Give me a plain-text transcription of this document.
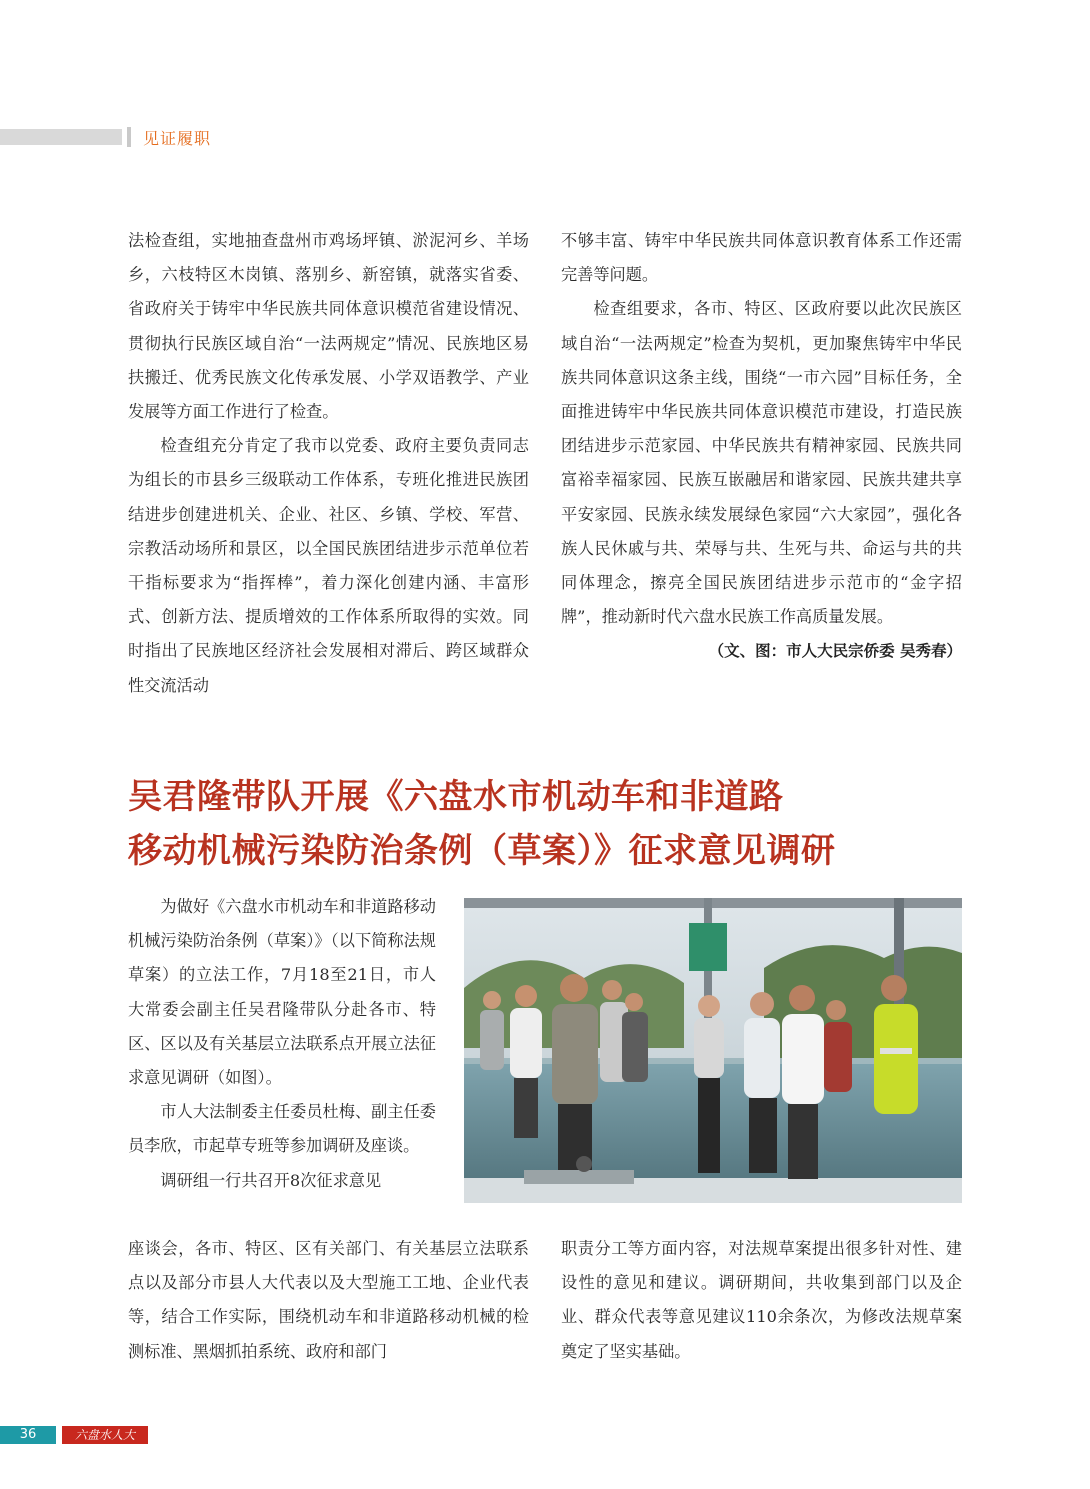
见证履职

法检查组，实地抽查盘州市鸡场坪镇、淤泥河乡、羊场乡，六枝特区木岗镇、落别乡、新窑镇，就落实省委、省政府关于铸牢中华民族共同体意识模范省建设情况、贯彻执行民族区域自治“一法两规定”情况、民族地区易扶搬迁、优秀民族文化传承发展、小学双语教学、产业发展等方面工作进行了检查。

检查组充分肯定了我市以党委、政府主要负责同志为组长的市县乡三级联动工作体系，专班化推进民族团结进步创建进机关、企业、社区、乡镇、学校、军营、宗教活动场所和景区，以全国民族团结进步示范单位若干指标要求为“指挥棒”，着力深化创建内涵、丰富形式、创新方法、提质增效的工作体系所取得的实效。同时指出了民族地区经济社会发展相对滞后、跨区域群众性交流活动

不够丰富、铸牢中华民族共同体意识教育体系工作还需完善等问题。

检查组要求，各市、特区、区政府要以此次民族区域自治“一法两规定”检查为契机，更加聚焦铸牢中华民族共同体意识这条主线，围绕“一市六园”目标任务，全面推进铸牢中华民族共同体意识模范市建设，打造民族团结进步示范家园、中华民族共有精神家园、民族共同富裕幸福家园、民族互嵌融居和谐家园、民族共建共享平安家园、民族永续发展绿色家园“六大家园”，强化各族人民休戚与共、荣辱与共、生死与共、命运与共的共同体理念，擦亮全国民族团结进步示范市的“金字招牌”，推动新时代六盘水民族工作高质量发展。

（文、图：市人大民宗侨委 吴秀春）

吴君隆带队开展《六盘水市机动车和非道路
移动机械污染防治条例（草案）》征求意见调研

为做好《六盘水市机动车和非道路移动机械污染防治条例（草案）》（以下简称法规草案）的立法工作，7月18至21日，市人大常委会副主任吴君隆带队分赴各市、特区、区以及有关基层立法联系点开展立法征求意见调研（如图）。

市人大法制委主任委员杜梅、副主任委员李欣，市起草专班等参加调研及座谈。

调研组一行共召开8次征求意见

座谈会，各市、特区、区有关部门、有关基层立法联系点以及部分市县人大代表以及大型施工工地、企业代表等，结合工作实际，围绕机动车和非道路移动机械的检测标准、黑烟抓拍系统、政府和部门

职责分工等方面内容，对法规草案提出很多针对性、建设性的意见和建议。调研期间，共收集到部门以及企业、群众代表等意见建议110余条次，为修改法规草案奠定了坚实基础。

36	六盘水人大
